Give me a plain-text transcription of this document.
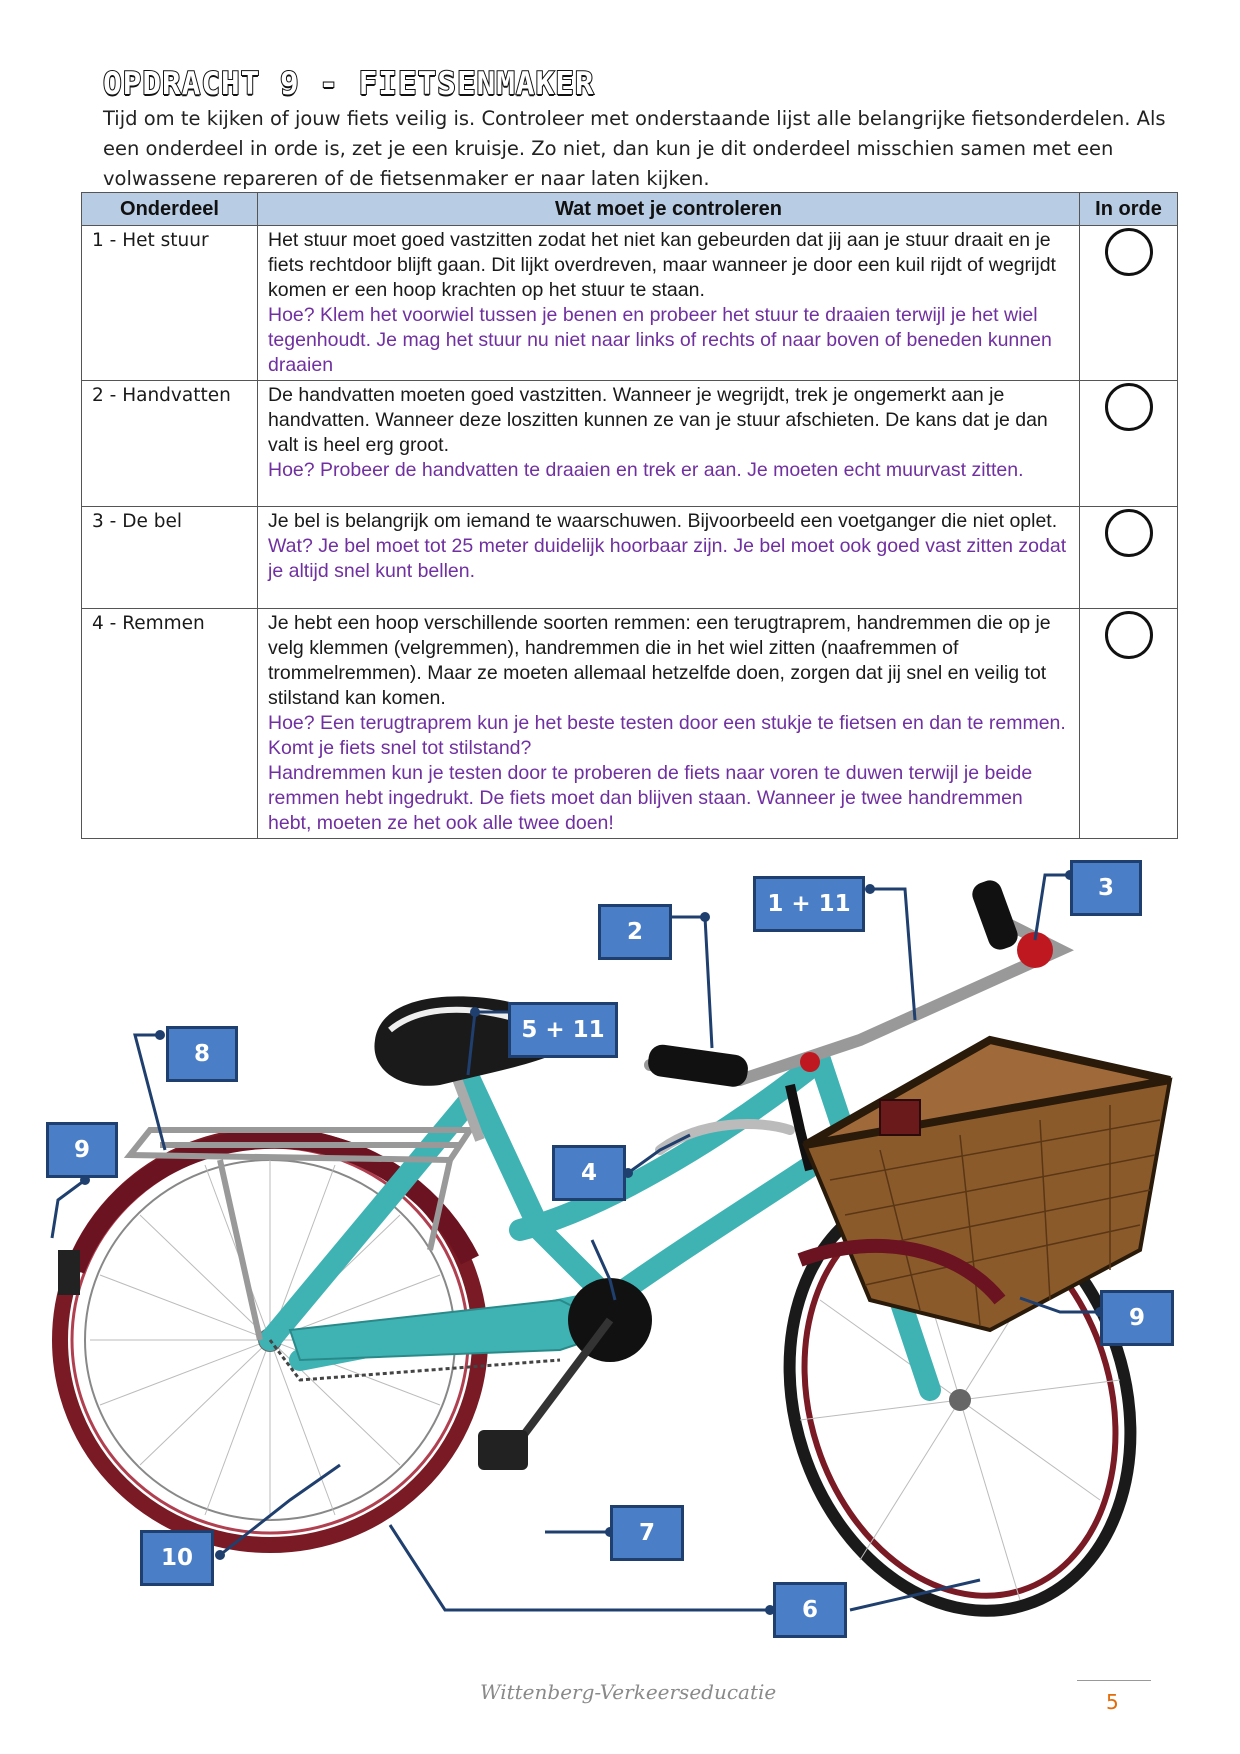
OPDRACHT 9 - FIETSENMAKER
Tijd om te kijken of jouw fiets veilig is. Controleer met onderstaande lijst alle belangrijke fietsonderdelen. Als een onderdeel in orde is, zet je een kruisje. Zo niet, dan kun je dit onderdeel misschien samen met een volwassene repareren of de fietsenmaker er naar laten kijken.
Onderdeel	Wat moet je controleren	In orde
1 - Het stuur	Het stuur moet goed vastzitten zodat het niet kan gebeurden dat jij aan je stuur draait en je fiets rechtdoor blijft gaan. Dit lijkt overdreven, maar wanneer je door een kuil rijdt of wegrijdt komen er een hoop krachten op het stuur te staan.
Hoe? Klem het voorwiel tussen je benen en probeer het stuur te draaien terwijl je het wiel tegenhoudt. Je mag het stuur nu niet naar links of rechts of naar boven of beneden kunnen draaien	

2 - Handvatten	De handvatten moeten goed vastzitten. Wanneer je wegrijdt, trek je ongemerkt aan je handvatten. Wanneer deze loszitten kunnen ze van je stuur afschieten. De kans dat je dan valt is heel erg groot.
Hoe? Probeer de handvatten te draaien en trek er aan. Je moeten echt muurvast zitten.	

3 - De bel	Je bel is belangrijk om iemand te waarschuwen. Bijvoorbeeld een voetganger die niet oplet.
Wat? Je bel moet tot 25 meter duidelijk hoorbaar zijn. Je bel moet ook goed vast zitten zodat je altijd snel kunt bellen.	

4 - Remmen	Je hebt een hoop verschillende soorten remmen: een terugtraprem, handremmen die op je velg klemmen (velgremmen), handremmen die in het wiel zitten (naafremmen of trommelremmen). Maar ze moeten allemaal hetzelfde doen, zorgen dat jij snel en veilig tot stilstand kan komen.
Hoe? Een terugtraprem kun je het beste testen door een stukje te fietsen en dan te remmen. Komt je fiets snel tot stilstand?
Handremmen kun je testen door te proberen de fiets naar voren te duwen terwijl je beide remmen hebt ingedrukt. De fiets moet dan blijven staan. Wanneer je twee handremmen hebt, moeten ze het ook alle twee doen!	

3
1 + 11
2
5 + 11
8
9
4
9
7
10
6
Wittenberg-Verkeerseducatie	5
